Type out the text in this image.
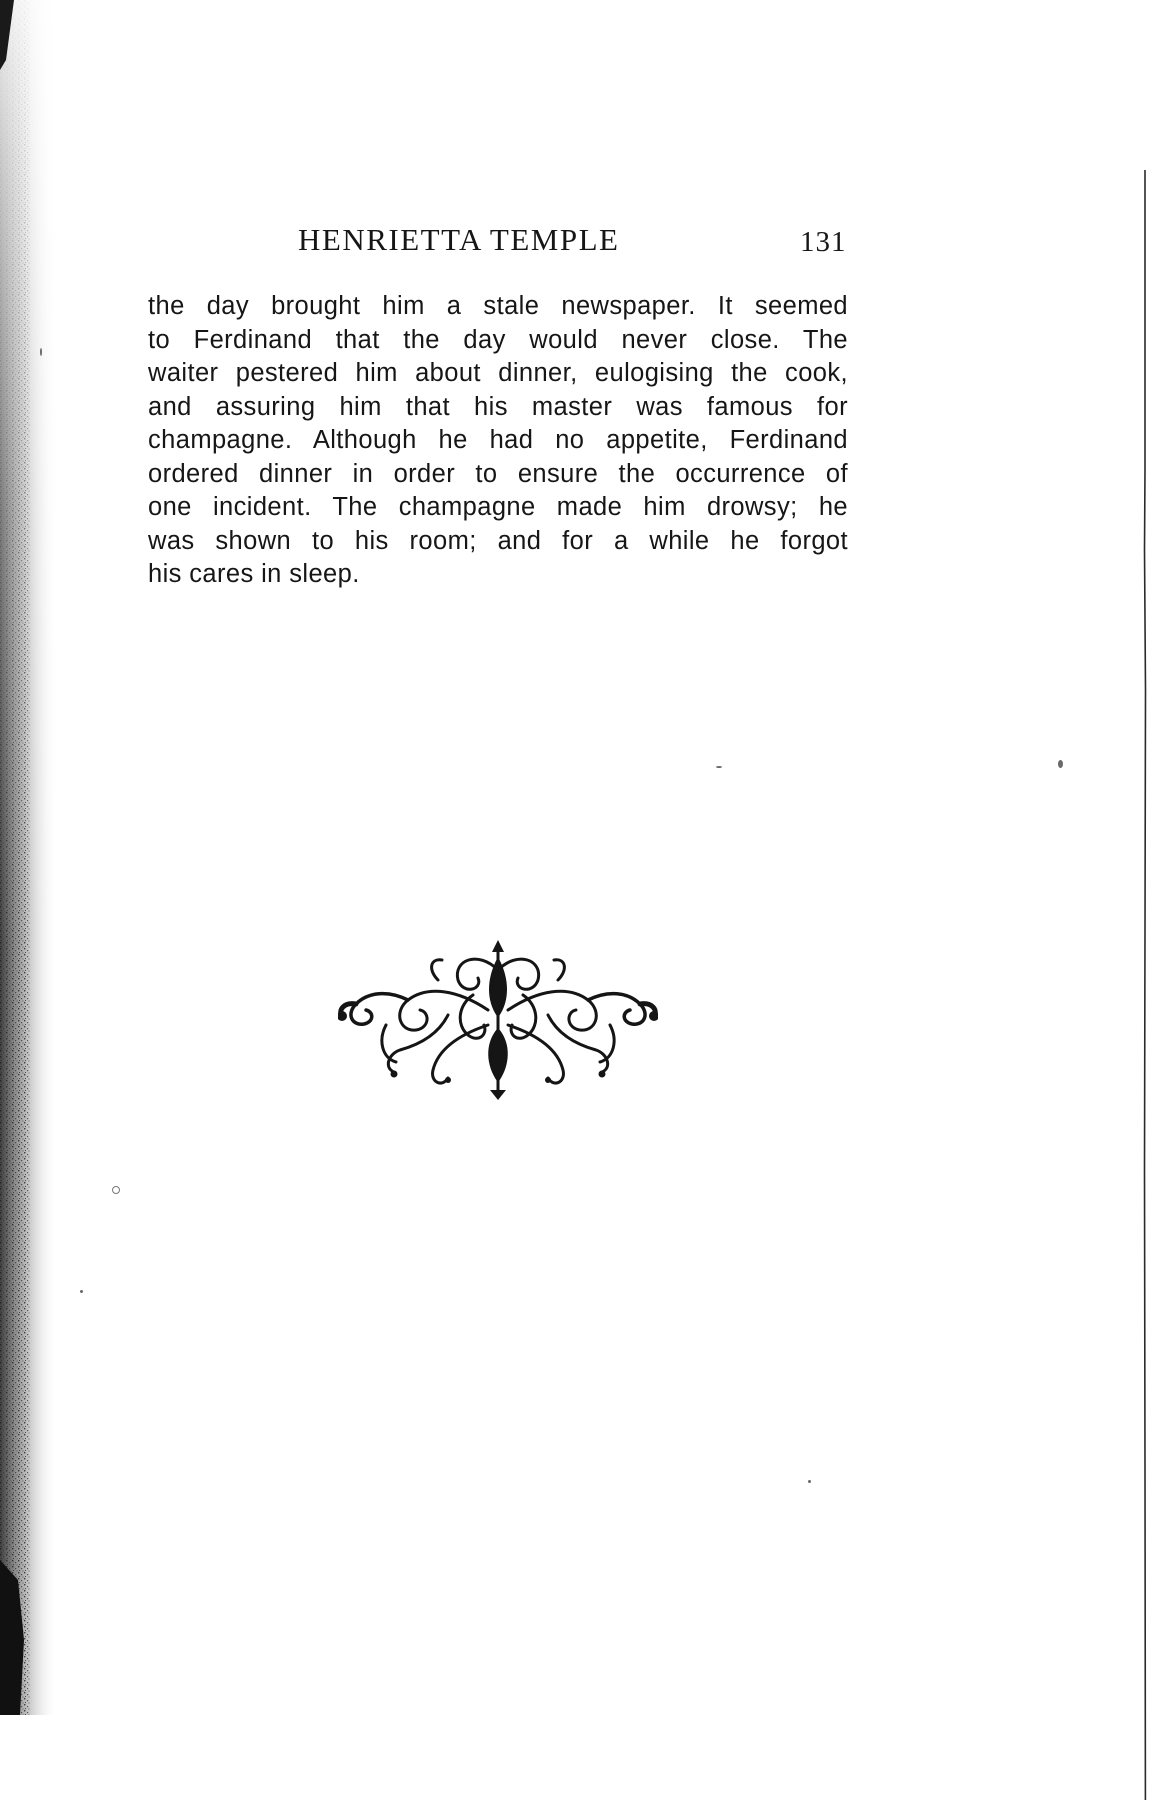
HENRIETTA TEMPLE	131
the day brought him a stale newspaper. It seemed
to Ferdinand that the day would never close. The
waiter pestered him about dinner, eulogising the cook,
and assuring him that his master was famous for
champagne. Although he had no appetite, Ferdinand
ordered dinner in order to ensure the occurrence of
one incident. The champagne made him drowsy; he
was shown to his room; and for a while he forgot
his cares in sleep.
